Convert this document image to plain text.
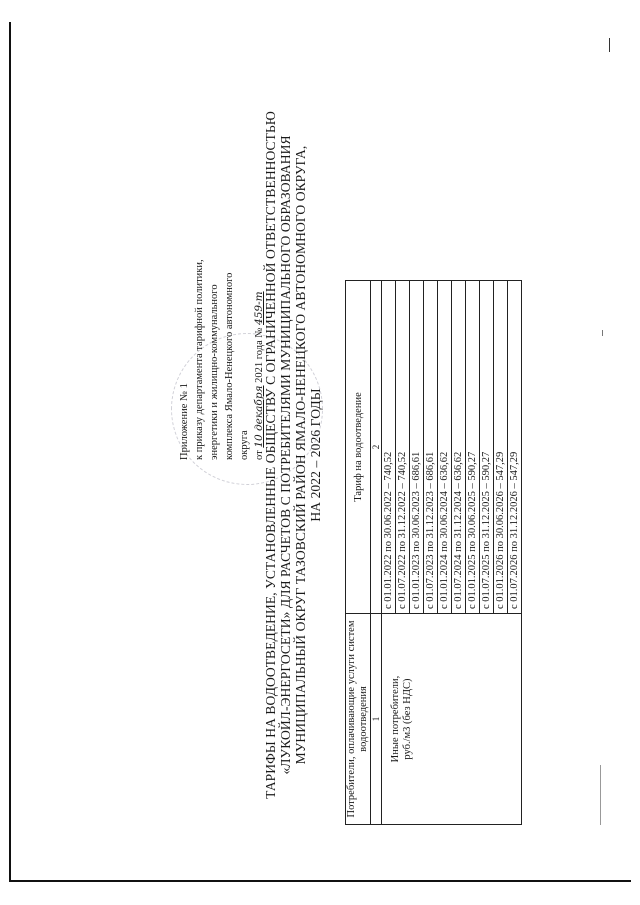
Приложение № 1 к приказу департамента тарифной политики, энергетики и жилищно-коммунального комплекса Ямало-Ненецкого автономного округа от 10 декабря 2021 года № 459-т
ТАРИФЫ НА ВОДООТВЕДЕНИЕ, УСТАНОВЛЕННЫЕ ОБЩЕСТВУ С ОГРАНИЧЕННОЙ ОТВЕТСТВЕННОСТЬЮ «ЛУКОЙЛ-ЭНЕРГОСЕТИ» ДЛЯ РАСЧЕТОВ С ПОТРЕБИТЕЛЯМИ МУНИЦИПАЛЬНОГО ОБРАЗОВАНИЯ МУНИЦИПАЛЬНЫЙ ОКРУГ ТАЗОВСКИЙ РАЙОН ЯМАЛО-НЕНЕЦКОГО АВТОНОМНОГО ОКРУГА, НА 2022 – 2026 ГОДЫ
Потребители, оплачивающие услуги систем водоотведения	Тариф на водоотведение
1	2

Иные потребители, руб./м3 (без НДС)	с 01.01.2022 по 30.06.2022 – 740,52
	с 01.07.2022 по 31.12.2022 – 740,52
	с 01.01.2023 по 30.06.2023 – 686,61
	с 01.07.2023 по 31.12.2023 – 686,61
	с 01.01.2024 по 30.06.2024 – 636,62
	с 01.07.2024 по 31.12.2024 – 636,62
	с 01.01.2025 по 30.06.2025 – 590,27
	с 01.07.2025 по 31.12.2025 – 590,27
	с 01.01.2026 по 30.06.2026 – 547,29
	с 01.07.2026 по 31.12.2026 – 547,29
